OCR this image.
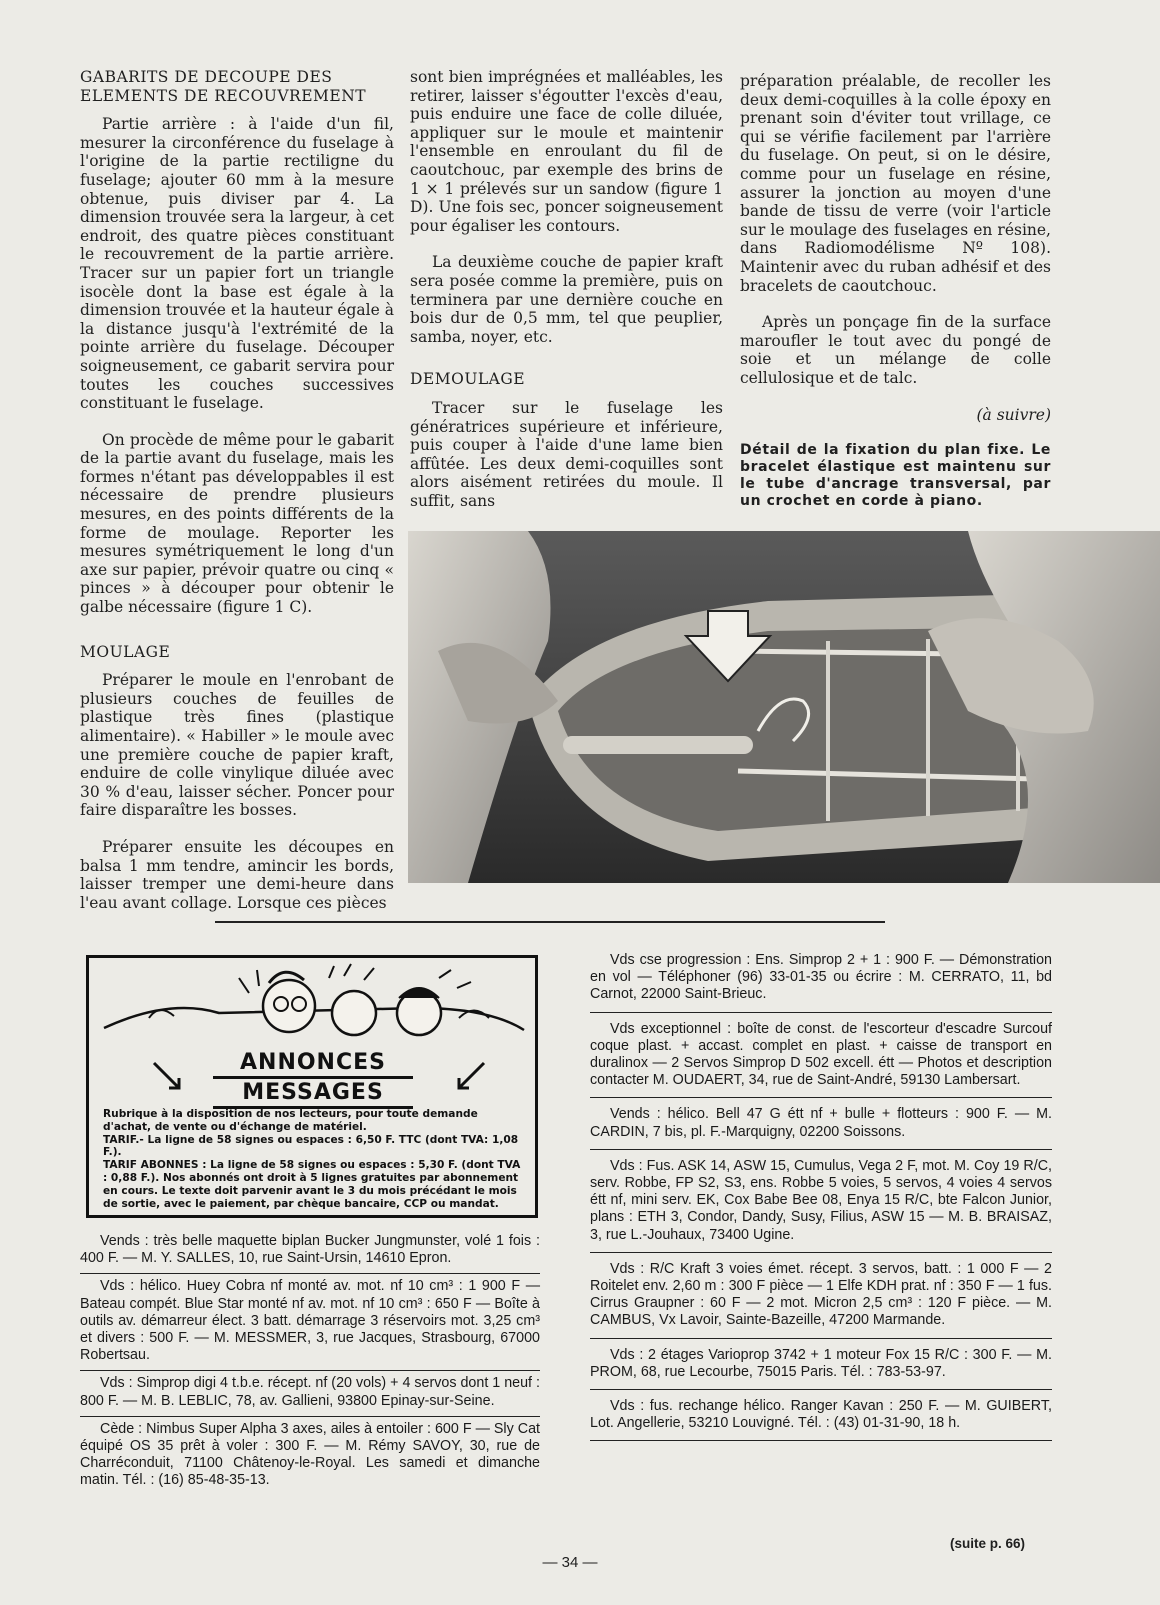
GABARITS DE DECOUPE DES ELEMENTS DE RECOUVREMENT

Partie arrière : à l'aide d'un fil, mesurer la circonférence du fuselage à l'origine de la partie rectiligne du fuselage; ajouter 60 mm à la mesure obtenue, puis diviser par 4. La dimension trouvée sera la largeur, à cet endroit, des quatre pièces constituant le recouvrement de la partie arrière. Tracer sur un papier fort un triangle isocèle dont la base est égale à la dimension trouvée et la hauteur égale à la distance jusqu'à l'extrémité de la pointe arrière du fuselage. Découper soigneusement, ce gabarit servira pour toutes les couches successives constituant le fuselage.

On procède de même pour le gabarit de la partie avant du fuselage, mais les formes n'étant pas développables il est nécessaire de prendre plusieurs mesures, en des points différents de la forme de moulage. Reporter les mesures symétriquement le long d'un axe sur papier, prévoir quatre ou cinq « pinces » à découper pour obtenir le galbe nécessaire (figure 1 C).

MOULAGE

Préparer le moule en l'enrobant de plusieurs couches de feuilles de plastique très fines (plastique alimentaire). « Habiller » le moule avec une première couche de papier kraft, enduire de colle vinylique diluée avec 30 % d'eau, laisser sécher. Poncer pour faire disparaître les bosses.

Préparer ensuite les découpes en balsa 1 mm tendre, amincir les bords, laisser tremper une demi-heure dans l'eau avant collage. Lorsque ces pièces

sont bien imprégnées et malléables, les retirer, laisser s'égoutter l'excès d'eau, puis enduire une face de colle diluée, appliquer sur le moule et maintenir l'ensemble en enroulant du fil de caoutchouc, par exemple des brins de 1 × 1 prélevés sur un sandow (figure 1 D). Une fois sec, poncer soigneusement pour égaliser les contours.

La deuxième couche de papier kraft sera posée comme la première, puis on terminera par une dernière couche en bois dur de 0,5 mm, tel que peuplier, samba, noyer, etc.

DEMOULAGE

Tracer sur le fuselage les génératrices supérieure et inférieure, puis couper à l'aide d'une lame bien affûtée. Les deux demi-coquilles sont alors aisément retirées du moule. Il suffit, sans

préparation préalable, de recoller les deux demi-coquilles à la colle époxy en prenant soin d'éviter tout vrillage, ce qui se vérifie facilement par l'arrière du fuselage. On peut, si on le désire, comme pour un fuselage en résine, assurer la jonction au moyen d'une bande de tissu de verre (voir l'article sur le moulage des fuselages en résine, dans Radiomodélisme Nº 108). Maintenir avec du ruban adhésif et des bracelets de caoutchouc.

Après un ponçage fin de la surface maroufler le tout avec du pongé de soie et un mélange de colle cellulosique et de talc.

(à suivre)

Détail de la fixation du plan fixe. Le bracelet élastique est maintenu sur le tube d'ancrage transversal, par un crochet en corde à piano.

ANNONCES
MESSAGES

Rubrique à la disposition de nos lecteurs, pour toute demande d'achat, de vente ou d'échange de matériel.

TARIF.- La ligne de 58 signes ou espaces : 6,50 F. TTC (dont TVA: 1,08 F.).

TARIF ABONNES : La ligne de 58 signes ou espaces : 5,30 F. (dont TVA : 0,88 F.). Nos abonnés ont droit à 5 lignes gratuites par abonnement en cours. Le texte doit parvenir avant le 3 du mois précédant le mois de sortie, avec le paiement, par chèque bancaire, CCP ou mandat.

Vends : très belle maquette biplan Bucker Jungmunster, volé 1 fois : 400 F. — M. Y. SALLES, 10, rue Saint-Ursin, 14610 Epron.

Vds : hélico. Huey Cobra nf monté av. mot. nf 10 cm³ : 1 900 F — Bateau compét. Blue Star monté nf av. mot. nf 10 cm³ : 650 F — Boîte à outils av. démarreur élect. 3 batt. démarrage 3 réservoirs mot. 3,25 cm³ et divers : 500 F. — M. MESSMER, 3, rue Jacques, Strasbourg, 67000 Robertsau.

Vds : Simprop digi 4 t.b.e. récept. nf (20 vols) + 4 servos dont 1 neuf : 800 F. — M. B. LEBLIC, 78, av. Gallieni, 93800 Epinay-sur-Seine.

Cède : Nimbus Super Alpha 3 axes, ailes à entoiler : 600 F — Sly Cat équipé OS 35 prêt à voler : 300 F. — M. Rémy SAVOY, 30, rue de Charréconduit, 71100 Châtenoy-le-Royal. Les samedi et dimanche matin. Tél. : (16) 85-48-35-13.

Vds cse progression : Ens. Simprop 2 + 1 : 900 F. — Démonstration en vol — Téléphoner (96) 33-01-35 ou écrire : M. CERRATO, 11, bd Carnot, 22000 Saint-Brieuc.

Vds exceptionnel : boîte de const. de l'escorteur d'escadre Surcouf coque plast. + accast. complet en plast. + caisse de transport en duralinox — 2 Servos Simprop D 502 excell. étt — Photos et description contacter M. OUDAERT, 34, rue de Saint-André, 59130 Lambersart.

Vends : hélico. Bell 47 G étt nf + bulle + flotteurs : 900 F. — M. CARDIN, 7 bis, pl. F.-Marquigny, 02200 Soissons.

Vds : Fus. ASK 14, ASW 15, Cumulus, Vega 2 F, mot. M. Coy 19 R/C, serv. Robbe, FP S2, S3, ens. Robbe 5 voies, 5 servos, 4 voies 4 servos étt nf, mini serv. EK, Cox Babe Bee 08, Enya 15 R/C, bte Falcon Junior, plans : ETH 3, Condor, Dandy, Susy, Filius, ASW 15 — M. B. BRAISAZ, 3, rue L.-Jouhaux, 73400 Ugine.

Vds : R/C Kraft 3 voies émet. récept. 3 servos, batt. : 1 000 F — 2 Roitelet env. 2,60 m : 300 F pièce — 1 Elfe KDH prat. nf : 350 F — 1 fus. Cirrus Graupner : 60 F — 2 mot. Micron 2,5 cm³ : 120 F pièce. — M. CAMBUS, Vx Lavoir, Sainte-Bazeille, 47200 Marmande.

Vds : 2 étages Varioprop 3742 + 1 moteur Fox 15 R/C : 300 F. — M. PROM, 68, rue Lecourbe, 75015 Paris. Tél. : 783-53-97.

Vds : fus. rechange hélico. Ranger Kavan : 250 F. — M. GUIBERT, Lot. Angellerie, 53210 Louvigné. Tél. : (43) 01-31-90, 18 h.

(suite p. 66)
— 34 —
